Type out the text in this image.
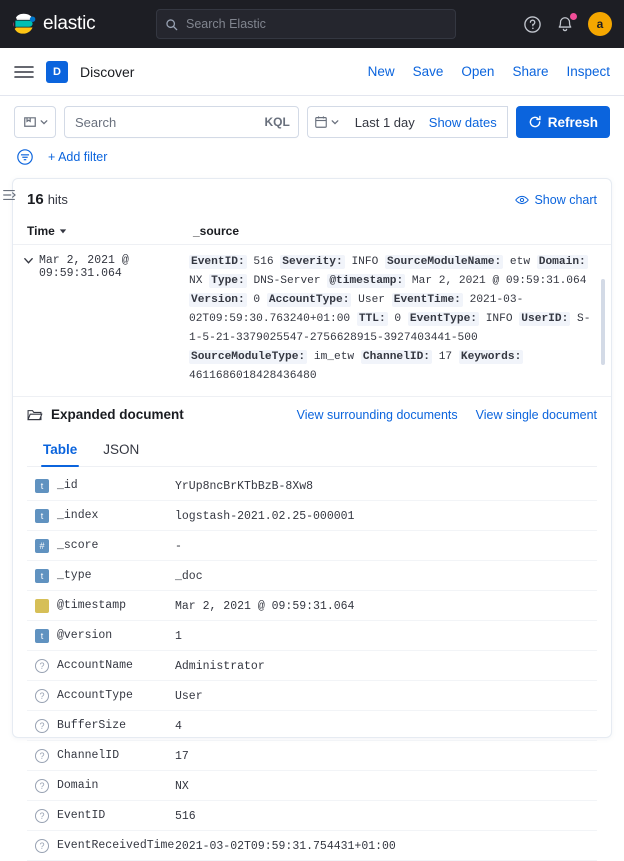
elastic
Search Elastic	a
D	Discover	New Save Open Share Inspect
Search
KQL	Last 1 day Show dates	Refresh
+ Add filter
16 hits	Show chart
Time	_source
Mar 2, 2021 @ 09:59:31.064
EventID: 516 Severity: INFO SourceModuleName: etw Domain: NX Type: DNS-Server @timestamp: Mar 2, 2021 @ 09:59:31.064 Version: 0 AccountType: User EventTime: 2021-03-02T09:59:30.763240+01:00 TTL: 0 EventType: INFO UserID: S-1-5-21-3379025547-2756628915-3927403441-500 SourceModuleType: im_etw ChannelID: 17 Keywords: 4611686018428436480
Expanded document	View surrounding documents View single document
Table JSON
t	_id	YrUp8ncBrKTbBzB-8Xw8
t	_index	logstash-2021.02.25-000001
#	_score	-
t	_type	_doc
@timestamp	Mar 2, 2021 @ 09:59:31.064
t	@version	1
?	AccountName	Administrator
?	AccountType	User
?	BufferSize	4
?	ChannelID	17
?	Domain	NX
?	EventID	516
?	EventReceivedTime 2021-03-02T09:59:31.754431+01:00
